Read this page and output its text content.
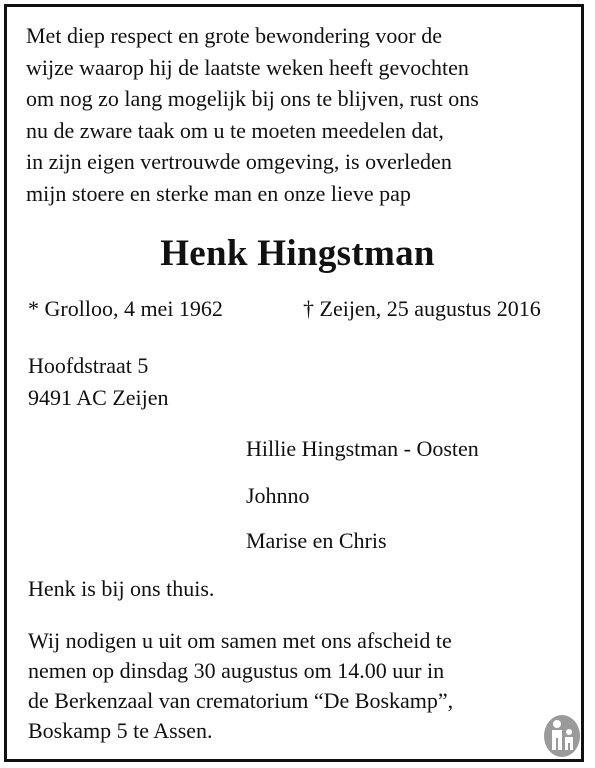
Met diep respect en grote bewondering voor de
wijze waarop hij de laatste weken heeft gevochten
om nog zo lang mogelijk bij ons te blijven, rust ons
nu de zware taak om u te moeten meedelen dat,
in zijn eigen vertrouwde omgeving, is overleden
mijn stoere en sterke man en onze lieve pap
Henk Hingstman
* Grolloo, 4 mei 1962	† Zeijen, 25 augustus 2016
Hoofdstraat 5
9491 AC Zeijen
Hillie Hingstman - Oosten
Johnno
Marise en Chris
Henk is bij ons thuis.
Wij nodigen u uit om samen met ons afscheid te
nemen op dinsdag 30 augustus om 14.00 uur in
de Berkenzaal van crematorium “De Boskamp”,
Boskamp 5 te Assen.
